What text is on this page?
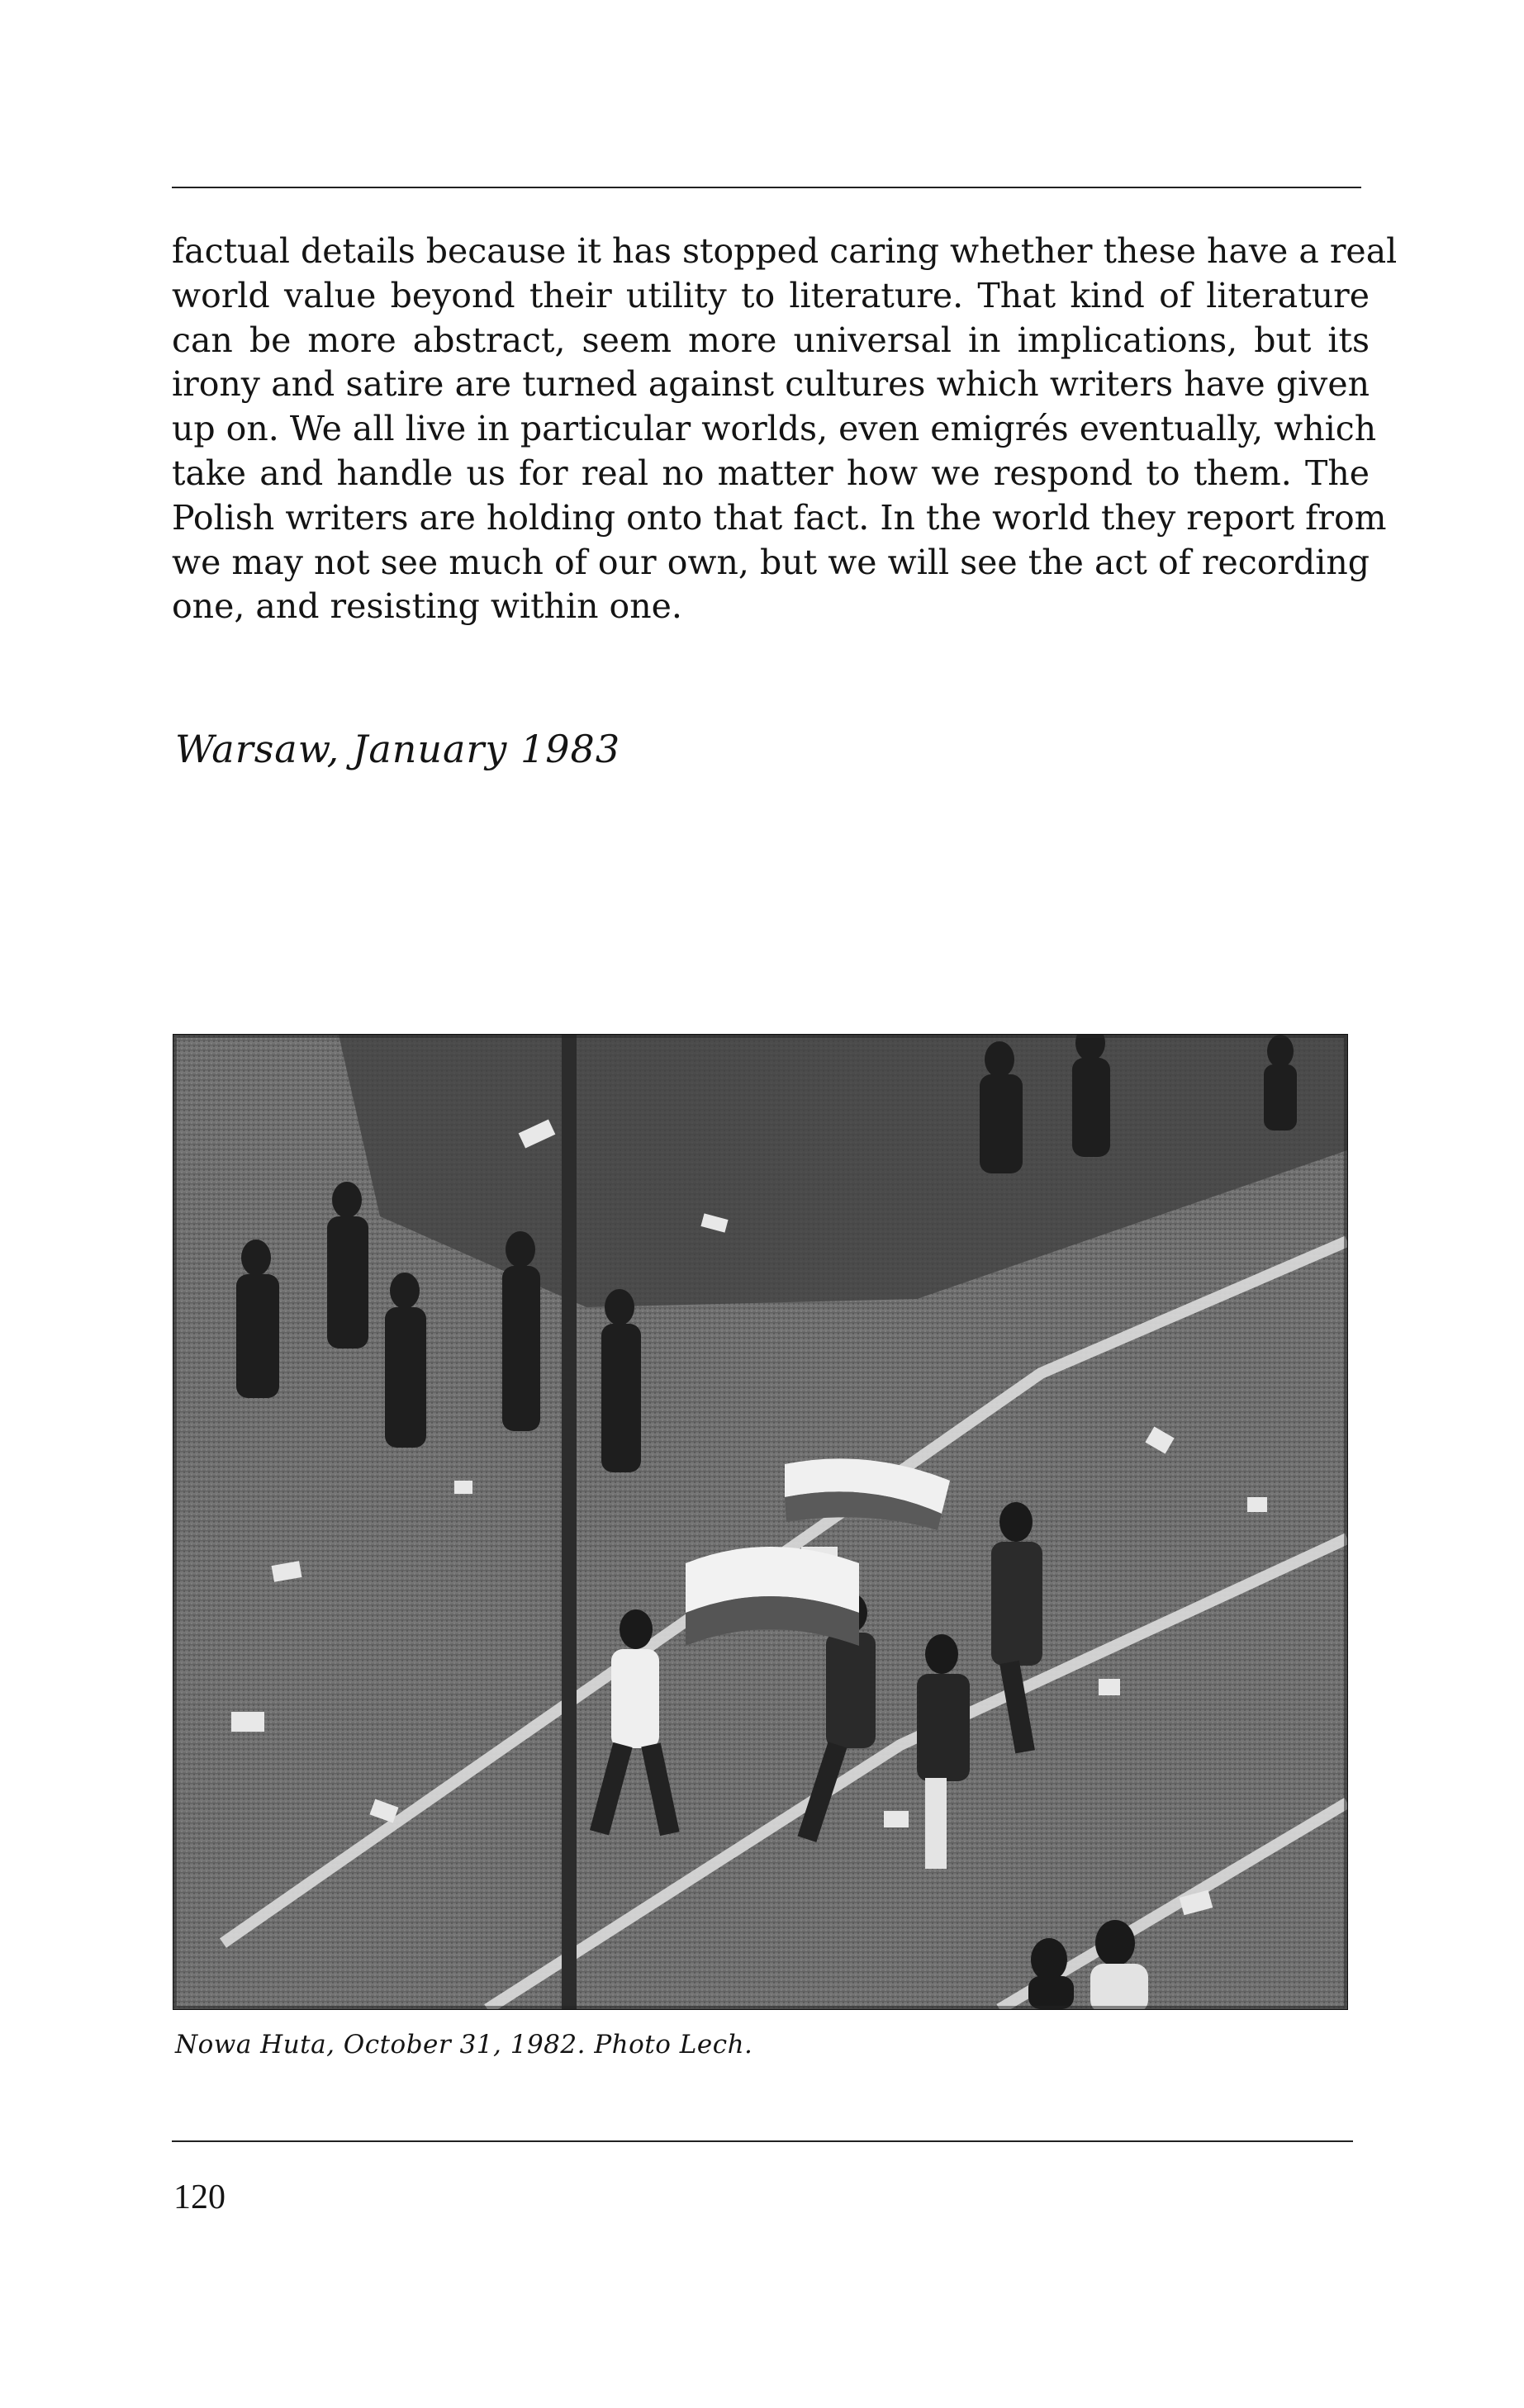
factual details because it has stopped caring whether these have a real
world value beyond their utility to literature. That kind of literature
can be more abstract, seem more universal in implications, but its
irony and satire are turned against cultures which writers have given
up on. We all live in particular worlds, even emigrés eventually, which
take and handle us for real no matter how we respond to them. The
Polish writers are holding onto that fact. In the world they report from
we may not see much of our own, but we will see the act of recording
one, and resisting within one.

Warsaw, January 1983

Nowa Huta, October 31, 1982. Photo Lech.

120
